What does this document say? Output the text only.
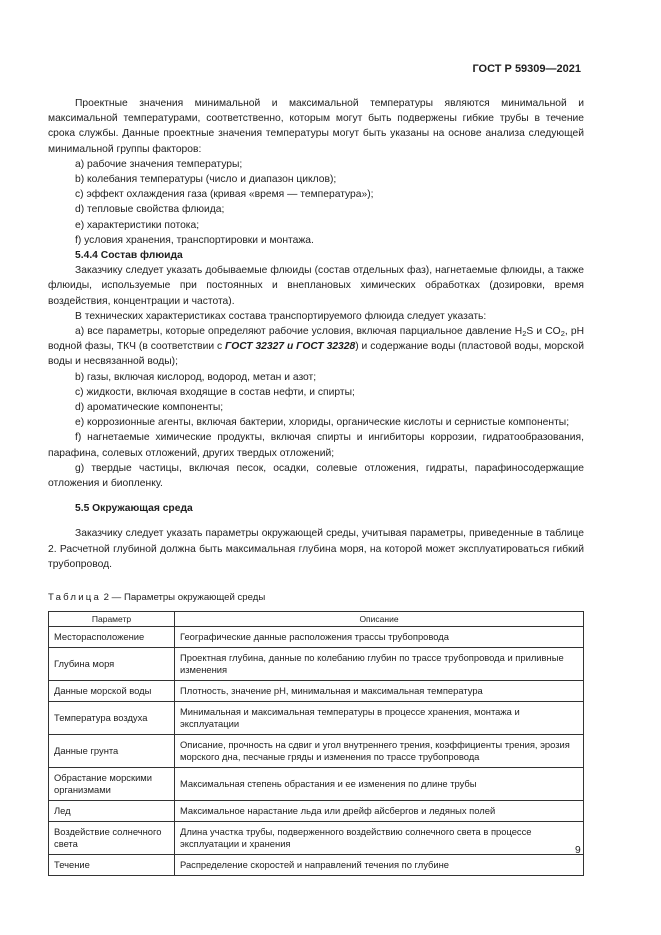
ГОСТ Р 59309—2021

Проектные значения минимальной и максимальной температуры являются минимальной и максимальной температурами, соответственно, которым могут быть подвержены гибкие трубы в течение срока службы. Данные проектные значения температуры могут быть указаны на основе анализа следующей минимальной группы факторов:

а) рабочие значения температуры;

b) колебания температуры (число и диапазон циклов);

c) эффект охлаждения газа (кривая «время — температура»);

d) тепловые свойства флюида;

e) характеристики потока;

f) условия хранения, транспортировки и монтажа.

5.4.4 Состав флюида

Заказчику следует указать добываемые флюиды (состав отдельных фаз), нагнетаемые флюиды, а также флюиды, используемые при постоянных и внеплановых химических обработках (дозировки, время воздействия, концентрации и частота).

В технических характеристиках состава транспортируемого флюида следует указать:

а) все параметры, которые определяют рабочие условия, включая парциальное давление $H_2S$ и $CO_2$, pH водной фазы, ТКЧ (в соответствии с ГОСТ 32327 и ГОСТ 32328) и содержание воды (пластовой воды, морской воды и несвязанной воды);

b) газы, включая кислород, водород, метан и азот;

c) жидкости, включая входящие в состав нефти, и спирты;

d) ароматические компоненты;

e) коррозионные агенты, включая бактерии, хлориды, органические кислоты и сернистые компоненты;

f) нагнетаемые химические продукты, включая спирты и ингибиторы коррозии, гидратообразования, парафина, солевых отложений, других твердых отложений;

g) твердые частицы, включая песок, осадки, солевые отложения, гидраты, парафиносодержащие отложения и биопленку.

5.5 Окружающая среда

Заказчику следует указать параметры окружающей среды, учитывая параметры, приведенные в таблице 2. Расчетной глубиной должна быть максимальная глубина моря, на которой может эксплуатироваться гибкий трубопровод.

Таблица 2 — Параметры окружающей среды

Параметр	Описание
Месторасположение	Географические данные расположения трассы трубопровода
Глубина моря	Проектная глубина, данные по колебанию глубин по трассе трубопровода и приливные изменения
Данные морской воды	Плотность, значение pH, минимальная и максимальная температура
Температура воздуха	Минимальная и максимальная температуры в процессе хранения, монтажа и эксплуатации
Данные грунта	Описание, прочность на сдвиг и угол внутреннего трения, коэффициенты трения, эрозия морского дна, песчаные гряды и изменения по трассе трубопровода
Обрастание морскими организмами	Максимальная степень обрастания и ее изменения по длине трубы
Лед	Максимальное нарастание льда или дрейф айсбергов и ледяных полей
Воздействие солнечного света	Длина участка трубы, подверженного воздействию солнечного света в процессе эксплуатации и хранения
Течение	Распределение скоростей и направлений течения по глубине
9
